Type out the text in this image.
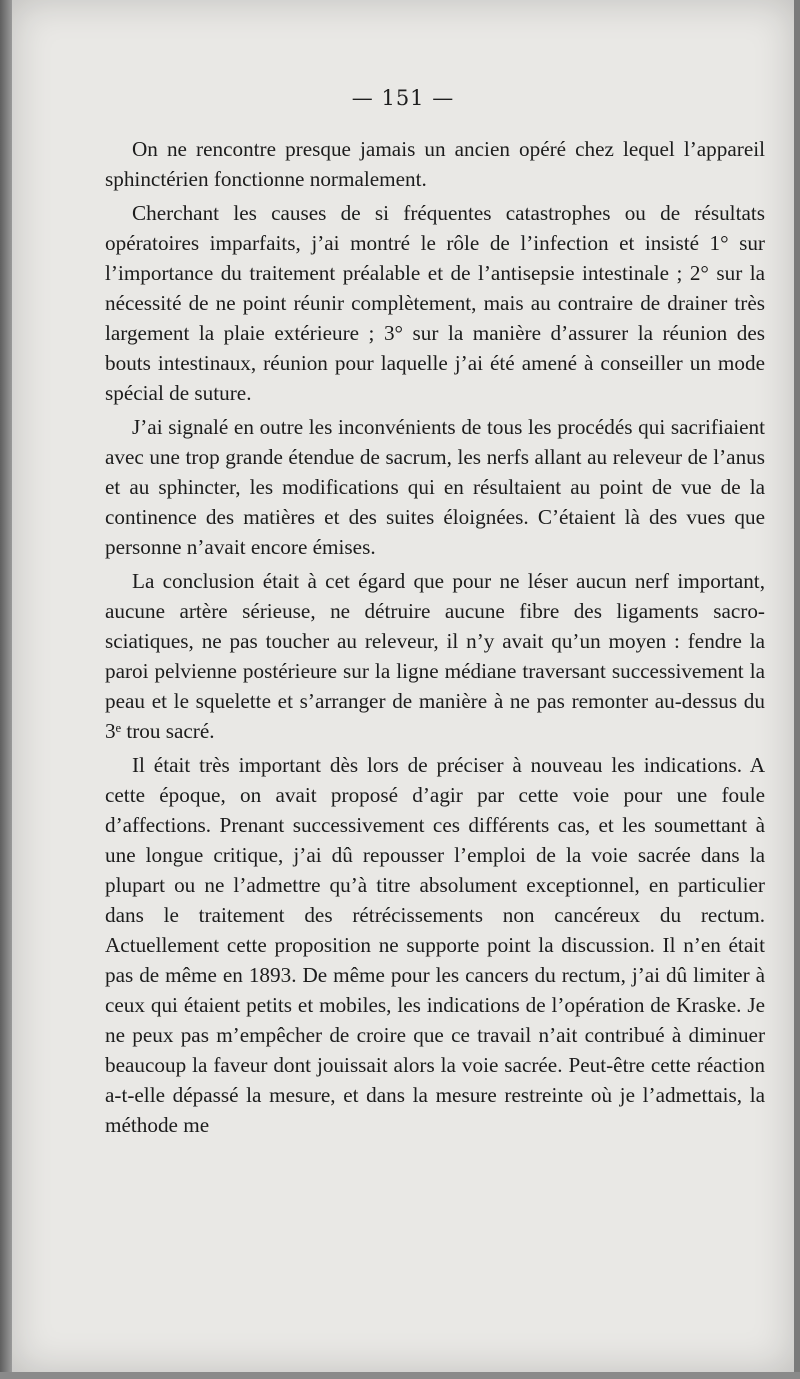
— 151 —

On ne rencontre presque jamais un ancien opéré chez lequel l’appareil sphinctérien fonctionne normalement.

Cherchant les causes de si fréquentes catastrophes ou de résultats opératoires imparfaits, j’ai montré le rôle de l’infection et insisté 1° sur l’importance du traitement préalable et de l’antisepsie intestinale ; 2° sur la nécessité de ne point réunir complètement, mais au contraire de drainer très largement la plaie extérieure ; 3° sur la manière d’assurer la réunion des bouts intestinaux, réunion pour laquelle j’ai été amené à conseiller un mode spécial de suture.

J’ai signalé en outre les inconvénients de tous les procédés qui sacrifiaient avec une trop grande étendue de sacrum, les nerfs allant au releveur de l’anus et au sphincter, les modifications qui en résultaient au point de vue de la continence des matières et des suites éloignées. C’étaient là des vues que personne n’avait encore émises.

La conclusion était à cet égard que pour ne léser aucun nerf important, aucune artère sérieuse, ne détruire aucune fibre des ligaments sacro-sciatiques, ne pas toucher au releveur, il n’y avait qu’un moyen : fendre la paroi pelvienne postérieure sur la ligne médiane traversant successivement la peau et le squelette et s’arranger de manière à ne pas remonter au-dessus du 3ᵉ trou sacré.

Il était très important dès lors de préciser à nouveau les indications. A cette époque, on avait proposé d’agir par cette voie pour une foule d’affections. Prenant successivement ces différents cas, et les soumettant à une longue critique, j’ai dû repousser l’emploi de la voie sacrée dans la plupart ou ne l’admettre qu’à titre absolument exceptionnel, en particulier dans le traitement des rétrécissements non cancéreux du rectum. Actuellement cette proposition ne supporte point la discussion. Il n’en était pas de même en 1893. De même pour les cancers du rectum, j’ai dû limiter à ceux qui étaient petits et mobiles, les indications de l’opération de Kraske. Je ne peux pas m’empêcher de croire que ce travail n’ait contribué à diminuer beaucoup la faveur dont jouissait alors la voie sacrée. Peut-être cette réaction a-t-elle dépassé la mesure, et dans la mesure restreinte où je l’admettais, la méthode me
